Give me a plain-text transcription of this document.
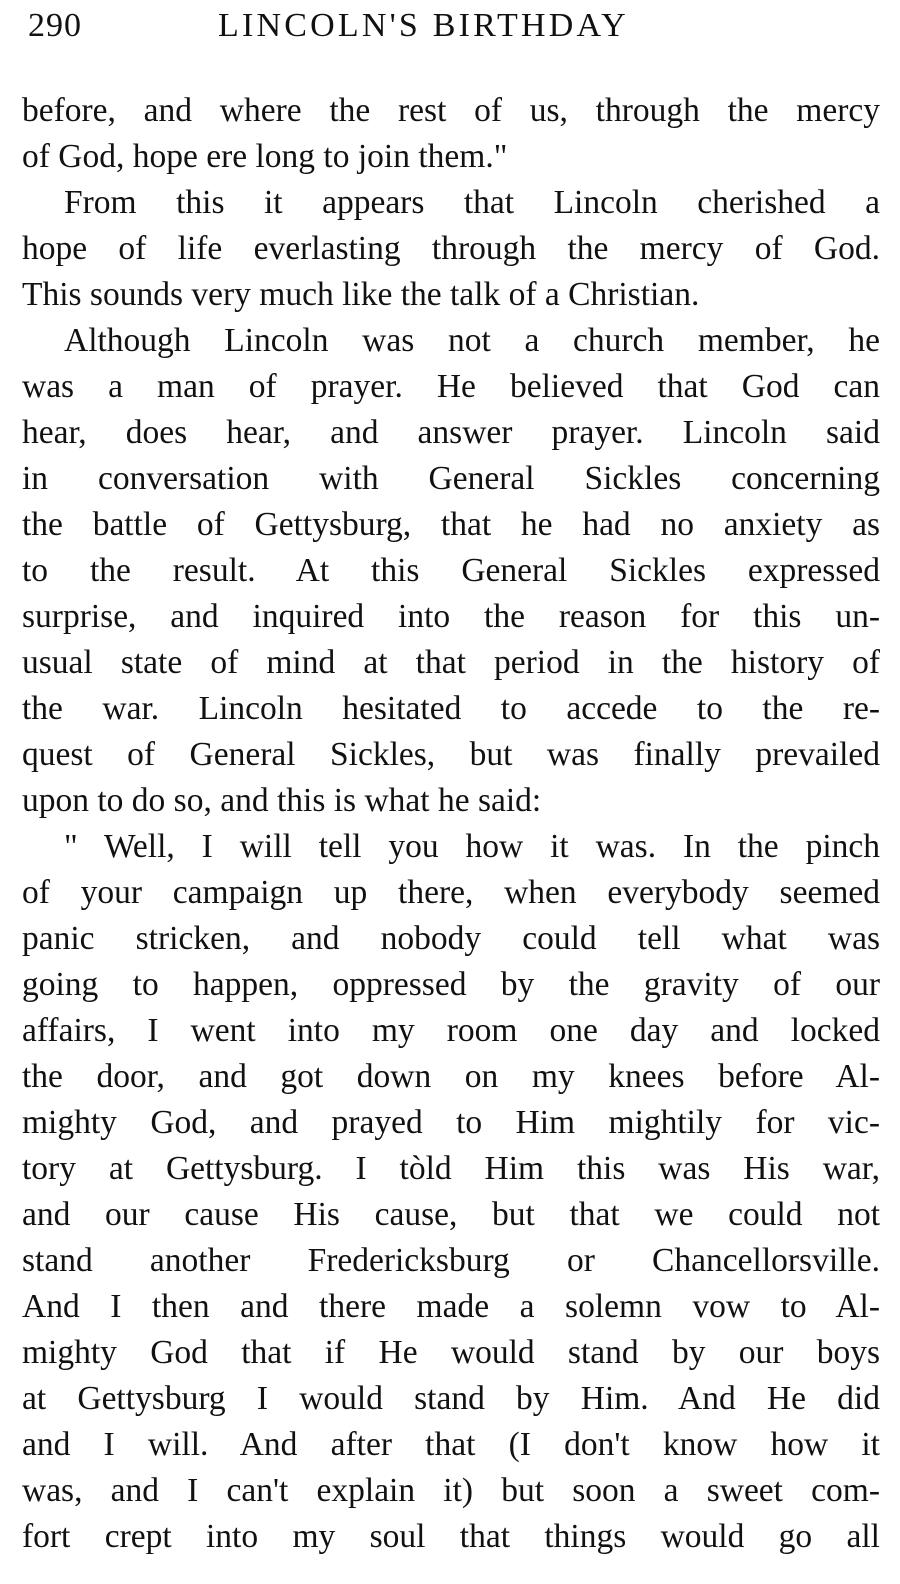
290	LINCOLN'S BIRTHDAY
before, and where the rest of us, through the mercy
of God, hope ere long to join them."
From this it appears that Lincoln cherished a
hope of life everlasting through the mercy of God.
This sounds very much like the talk of a Christian.
Although Lincoln was not a church member, he
was a man of prayer. He believed that God can
hear, does hear, and answer prayer. Lincoln said
in conversation with General Sickles concerning
the battle of Gettysburg, that he had no anxiety as
to the result. At this General Sickles expressed
surprise, and inquired into the reason for this un-
usual state of mind at that period in the history of
the war. Lincoln hesitated to accede to the re-
quest of General Sickles, but was finally prevailed
upon to do so, and this is what he said:
" Well, I will tell you how it was. In the pinch
of your campaign up there, when everybody seemed
panic stricken, and nobody could tell what was
going to happen, oppressed by the gravity of our
affairs, I went into my room one day and locked
the door, and got down on my knees before Al-
mighty God, and prayed to Him mightily for vic-
tory at Gettysburg. I tòld Him this was His war,
and our cause His cause, but that we could not
stand another Fredericksburg or Chancellorsville.
And I then and there made a solemn vow to Al-
mighty God that if He would stand by our boys
at Gettysburg I would stand by Him. And He did
and I will. And after that (I don't know how it
was, and I can't explain it) but soon a sweet com-
fort crept into my soul that things would go all
